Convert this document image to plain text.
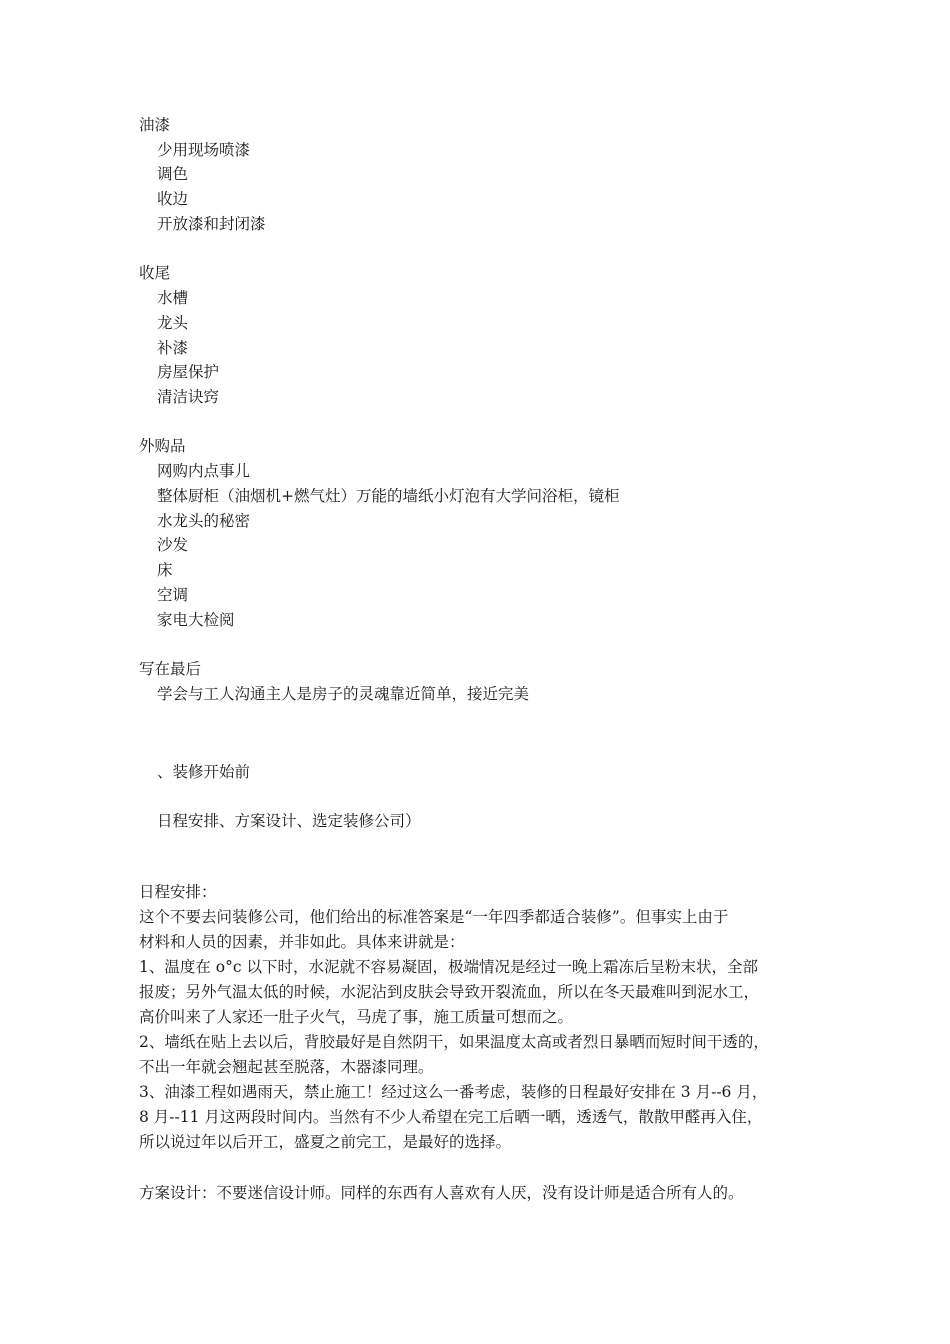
油漆
少用现场喷漆
调色
收边
开放漆和封闭漆
收尾
水槽
龙头
补漆
房屋保护
清洁诀窍
外购品
网购内点事儿
整体厨柜（油烟机+燃气灶）万能的墙纸小灯泡有大学问浴柜，镜柜
水龙头的秘密
沙发
床
空调
家电大检阅
写在最后
学会与工人沟通主人是房子的灵魂靠近简单，接近完美
、装修开始前
日程安排、方案设计、选定装修公司）
日程安排：
这个不要去问装修公司，他们给出的标准答案是“一年四季都适合装修”。但事实上由于
材料和人员的因素，并非如此。具体来讲就是：
1、温度在 o°c 以下时，水泥就不容易凝固，极端情况是经过一晚上霜冻后呈粉末状，全部
报废；另外气温太低的时候，水泥沾到皮肤会导致开裂流血，所以在冬天最难叫到泥水工，
高价叫来了人家还一肚子火气，马虎了事，施工质量可想而之。
2、墙纸在贴上去以后，背胶最好是自然阴干，如果温度太高或者烈日暴晒而短时间干透的，
不出一年就会翘起甚至脱落，木器漆同理。
3、油漆工程如遇雨天，禁止施工！经过这么一番考虑，装修的日程最好安排在 3 月--6 月，
8 月--11 月这两段时间内。当然有不少人希望在完工后晒一晒，透透气，散散甲醛再入住，
所以说过年以后开工，盛夏之前完工，是最好的选择。
方案设计：不要迷信设计师。同样的东西有人喜欢有人厌，没有设计师是适合所有人的。
